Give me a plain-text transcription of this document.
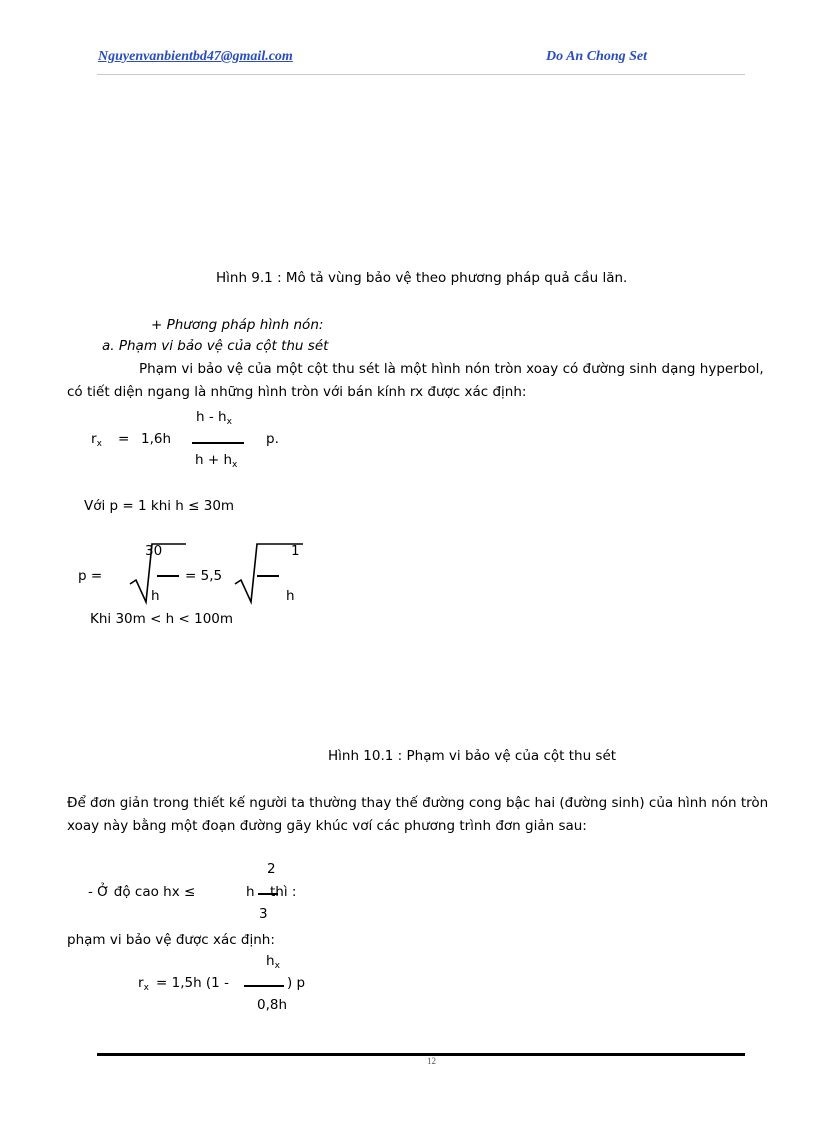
Nguyenvanbientbd47@gmail.com	Do An Chong Set
Hình 9.1 : Mô tả vùng bảo vệ theo phương pháp quả cầu lăn.
+ Phương pháp hình nón:
a. Phạm vi bảo vệ của cột thu sét
Phạm vi bảo vệ của một cột thu sét là một hình nón tròn xoay có đường sinh dạng hyperbol,
có tiết diện ngang là những hình tròn với bán kính rx được xác định:
$r_x = 1,6h$
h - $h_x$
$h + h_x$
p.
Với p = 1 khi h ≤ 30m
p =
30
h
= 5,5
1
h
Khi 30m < h < 100m
Hình 10.1 : Phạm vi bảo vệ của cột thu sét
Để đơn giản trong thiết kế người ta thường thay thế đường cong bậc hai (đường sinh) của hình nón tròn
xoay này bằng một đoạn đường gãy khúc vơí các phương trình đơn giản sau:
2
- Ở độ cao hx ≤	h thì :
3
phạm vi bảo vệ được xác định:
$h_x$
$r_x = 1,5h$ (1 -	) p
0,8h
12
